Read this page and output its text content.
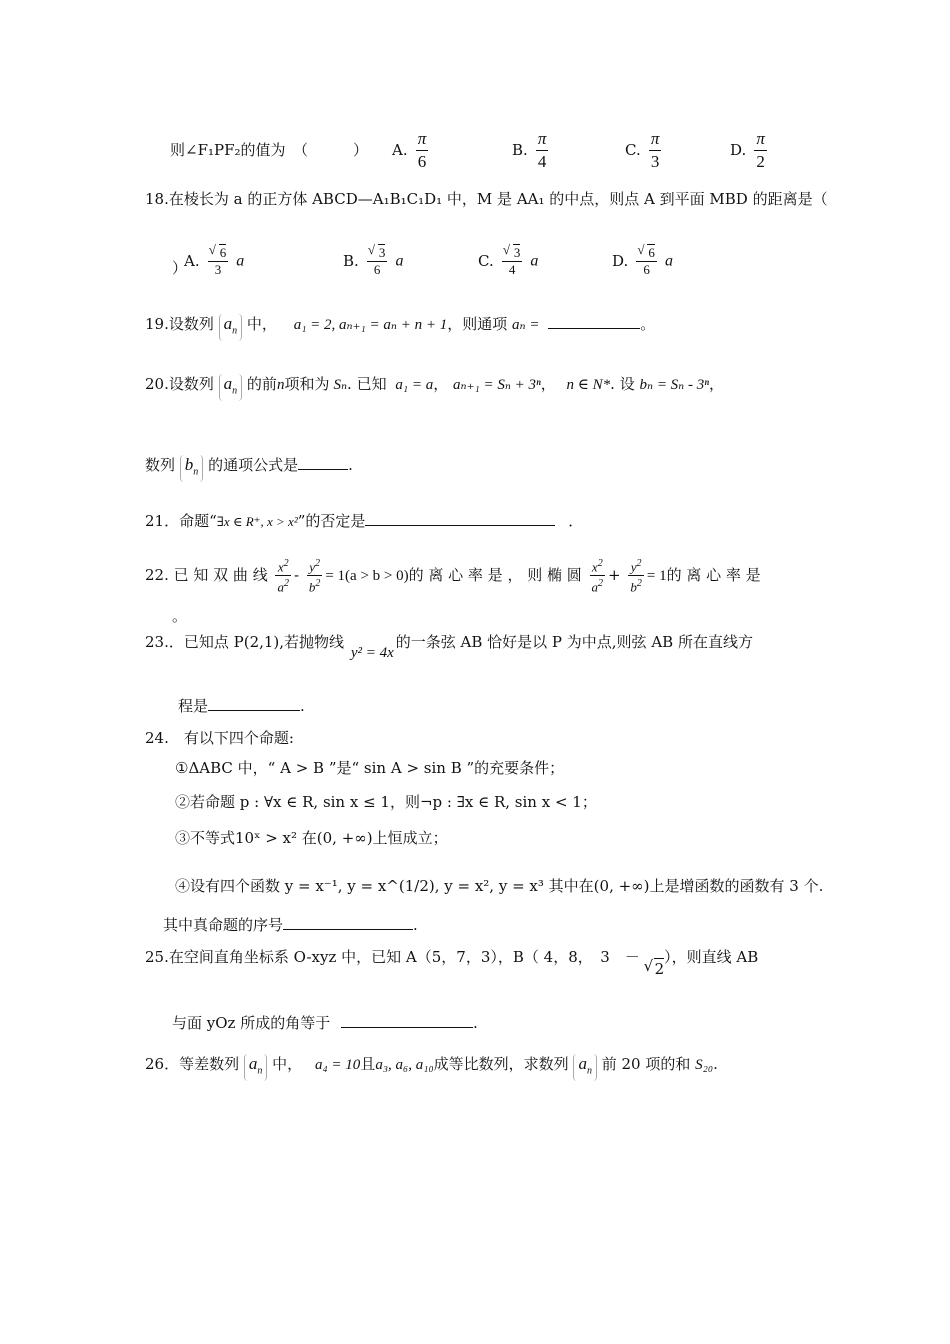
则∠F₁PF₂的值为　（　　　） A. $\frac{\pi}{6}$	B. $\frac{\pi}{4}$	C. $\frac{\pi}{3}$	D. $\frac{\pi}{2}$
18.在棱长为 a 的正方体 ABCD—A₁B₁C₁D₁ 中，M 是 AA₁ 的中点，则点 A 到平面 MBD 的距离是（
）
A. √ $\frac{6}{3}$ a	B. √ $\frac{3}{6}$ a	C. √ $\frac{3}{4}$ a	D. √ $\frac{6}{6}$ a
19.设数列 $a_n$ 中， a₁ = 2, aₙ₊₁ = aₙ + n + 1，则通项 aₙ =	。
20.设数列 $a_n$ 的前n项和为 Sₙ. 已知 a₁ = a， aₙ₊₁ = Sₙ + 3ⁿ， n ∈ N*. 设 bₙ = Sₙ - 3ⁿ，
数列 $b_n$ 的通项公式是	.
21．命题“∃x ∈ R⁺, x > x²”的否定是	．
22. 已 知 双 曲 线 $\frac{x^2}{a^2} - \frac{y^2}{b^2} = 1(a > b > 0)$的 离 心 率 是 ， 则 椭 圆 $\frac{x^2}{a^2} + \frac{y^2}{b^2} = 1$的 离 心 率 是
。
23.．已知点 P(2,1),若抛物线 y² = 4x的一条弦 AB 恰好是以 P 为中点,则弦 AB 所在直线方
程是	.
24.　有以下四个命题:
①ΔABC 中，“ A > B ”是“ sin A > sin B ”的充要条件；
②若命题 p : ∀x ∈ R, sin x ≤ 1，则¬p : ∃x ∈ R, sin x < 1；
③不等式10ˣ > x² 在(0, +∞)上恒成立；
④设有四个函数 y = x⁻¹, y = x^(1/2), y = x², y = x³ 其中在(0, +∞)上是增函数的函数有 3 个.
其中真命题的序号	.
25.在空间直角坐标系 O-xyz 中，已知 A（5，7，3），B（ 4，8，　3　－ √ 2），则直线 AB
与面 yOz 所成的角等于	.
26．等差数列 $a_n$ 中， a₄ = 10且a₃, a₆, a₁₀成等比数列，求数列 $a_n$ 前 20 项的和 S₂₀.
